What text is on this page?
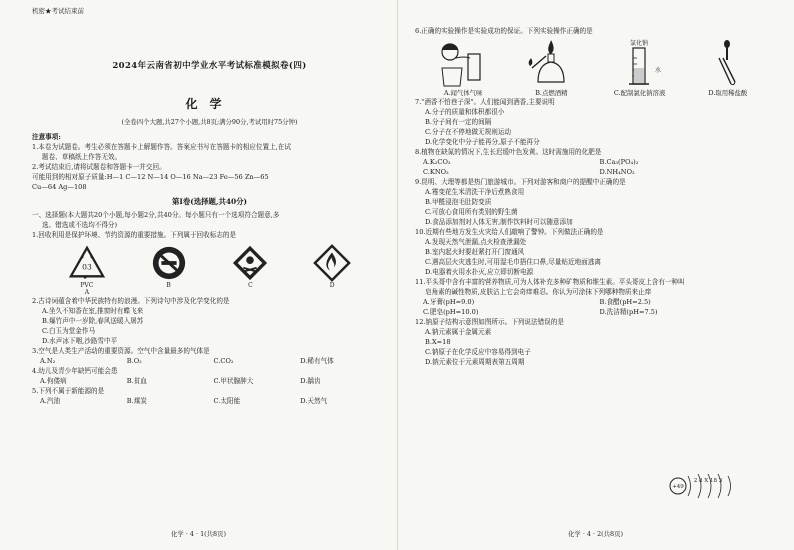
机密★考试结束前
2024年云南省初中学业水平考试标准模拟卷(四)
化学
(全卷四个大题,共27个小题,共8页;满分90分,考试用时75分钟)
注意事项:
1.本卷为试题卷。考生必须在答题卡上解题作答。答案应书写在答题卡的相应位置上,在试
题卷、草稿纸上作答无效。
2.考试结束后,请将试题卷和答题卡一并交回。
可能用到的相对原子质量:H—1 C—12 N—14 O—16 Na—23 Fe—56 Zn—65
Cu—64 Ag—108
第Ⅰ卷(选择题,共40分)
一、选择题(本大题共20个小题,每小题2分,共40分。每小题只有一个选项符合题意,多
选、错选或不选均不得分)
1.回收利用是保护环境、节约资源的重要措施。下列属于回收标志的是
03
PVC
A
B	C	D
2.古诗词蕴含着中华民族特有的浪漫。下列诗句中涉及化学变化的是
A.坐久不知香在室,推窗时有蝶飞来
B.爆竹声中一岁除,春风送暖入屠苏
C.白玉为堂金作马
D.水声冰下咽,沙路雪中平
3.空气是人类生产活动的重要资源。空气中含量最多的气体是
A.N₂	B.O₂	C.CO₂	D.稀有气体
4.幼儿及青少年缺钙可能会患
A.佝偻病	B.贫血	C.甲状腺肿大	D.龋齿
5.下列不属于新能源的是
A.汽油	B.煤炭	C.太阳能	D.天然气
化学 · 4 · 1(共8页)
6.正确的实验操作是实验成功的保证。下列实验操作正确的是
A.闻气体气味	B.点燃酒精
氯化钠
水
C.配制氯化钠溶液	D.取用稀盐酸
7."酒香不怕巷子深"。人们能闻到酒香,主要说明
A.分子的质量和体积都很小
B.分子间有一定的间隔
C.分子在不停地做无规则运动
D.化学变化中分子能再分,原子不能再分
8.植物在缺氮的情况下,生长迟缓叶色发黄。这时需施用的化肥是
A.K₂CO₃	B.Ca₃(PO₄)₂
C.KNO₃	D.NH₄NO₃
9.昆明、大理等都是热门旅游城市。下列对游客和商户的提醒中正确的是
A.霉变花生米清洗干净后煮熟食用
B.甲醛浸泡毛肚防变质
C.可放心食用所有类别的野生菌
D.食品添加剂对人体无害,制作饮料时可以随意添加
10.近期有些地方发生火灾给人们敲响了警钟。下列做法正确的是
A.发现天然气泄漏,点火检查泄漏处
B.室内起火时要赶紧打开门窗通风
C.遇高层火灾逃生时,可用湿毛巾捂住口鼻,尽量贴近地面逃离
D.电器着火用水扑灭,应立即切断电源
11.平头哥中含有丰富的营养物质,可为人体补充多种矿物质和维生素。平头哥皮上含有一种叫
皂角素的碱性物质,皮肤沾上它会奇痒难忍。你认为可涂抹下列哪种物质来止痒
A.牙膏(pH=9.0)	B.食醋(pH=2.5)
C.肥皂(pH=10.0)	D.洗洁精(pH=7.5)
12.钠原子结构示意图如图所示。下列说法错误的是
A.钠元素属于金属元素
B.X=18
C.钠原子在化学反应中容易得到电子
D.钠元素位于元素周期表第五周期
化学 · 4 · 2(共8页)
+49
2 8 X 18 3
